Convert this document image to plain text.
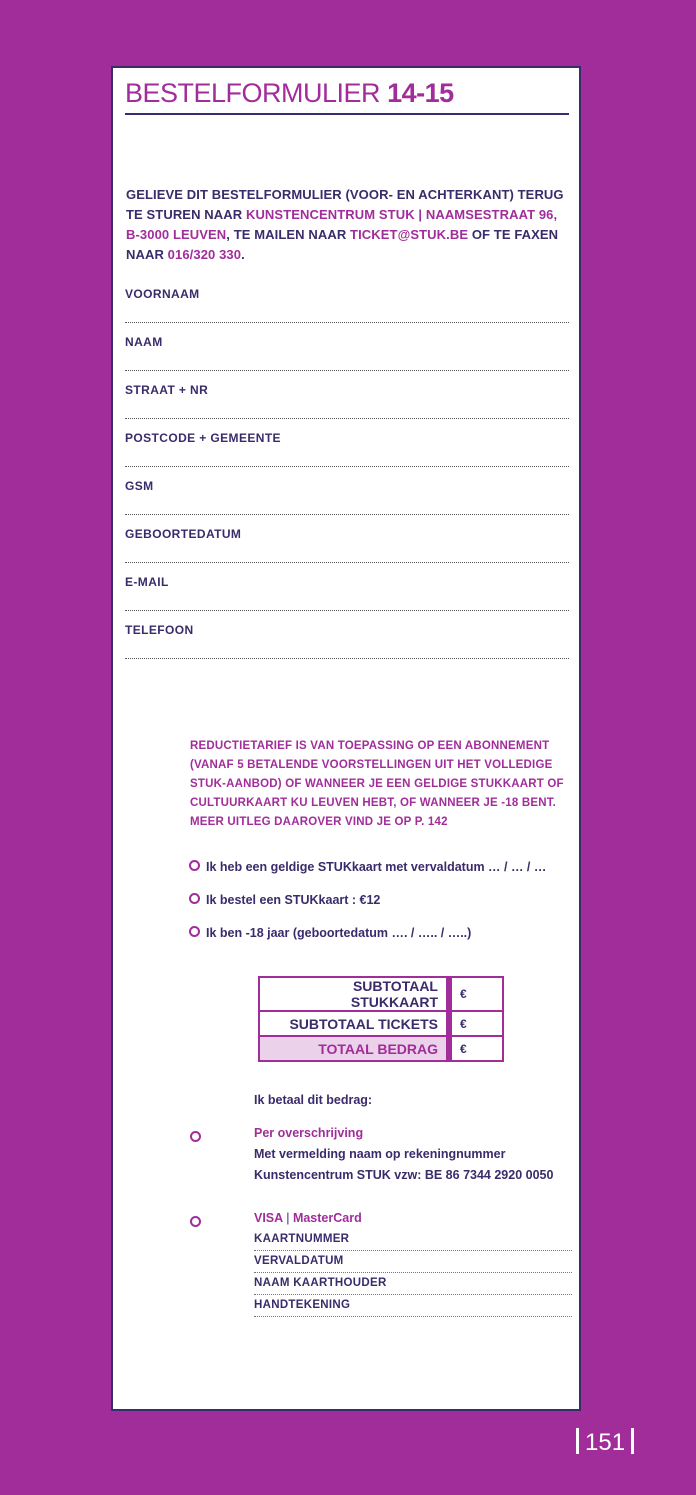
BESTELFORMULIER 14-15
GELIEVE DIT BESTELFORMULIER (VOOR- EN ACHTERKANT) TERUG TE STUREN NAAR KUNSTENCENTRUM STUK | NAAMSESTRAAT 96, B-3000 LEUVEN, TE MAILEN NAAR TICKET@STUK.BE OF TE FAXEN NAAR 016/320 330.
VOORNAAM
NAAM
STRAAT + NR
POSTCODE + GEMEENTE
GSM
GEBOORTEDATUM
E-MAIL
TELEFOON
REDUCTIETARIEF IS VAN TOEPASSING OP EEN ABONNEMENT (VANAF 5 BETALENDE VOORSTELLINGEN UIT HET VOLLEDIGE STUK-AANBOD) OF WANNEER JE EEN GELDIGE STUKKAART OF CULTUURKAART KU LEUVEN HEBT, OF WANNEER JE -18 BENT. MEER UITLEG DAAROVER VIND JE OP P. 142
Ik heb een geldige STUKkaart met vervaldatum … / … / …
Ik bestel een STUKkaart : €12
Ik ben -18 jaar (geboortedatum …. / ….. / …..)
SUBTOTAAL STUKKAART	€
SUBTOTAAL TICKETS	€
TOTAAL BEDRAG	€
Ik betaal dit bedrag:
Per overschrijving
Met vermelding naam op rekeningnummer
Kunstencentrum STUK vzw: BE 86 7344 2920 0050
VISA | MasterCard
KAARTNUMMER
VERVALDATUM
NAAM KAARTHOUDER
HANDTEKENING
151
